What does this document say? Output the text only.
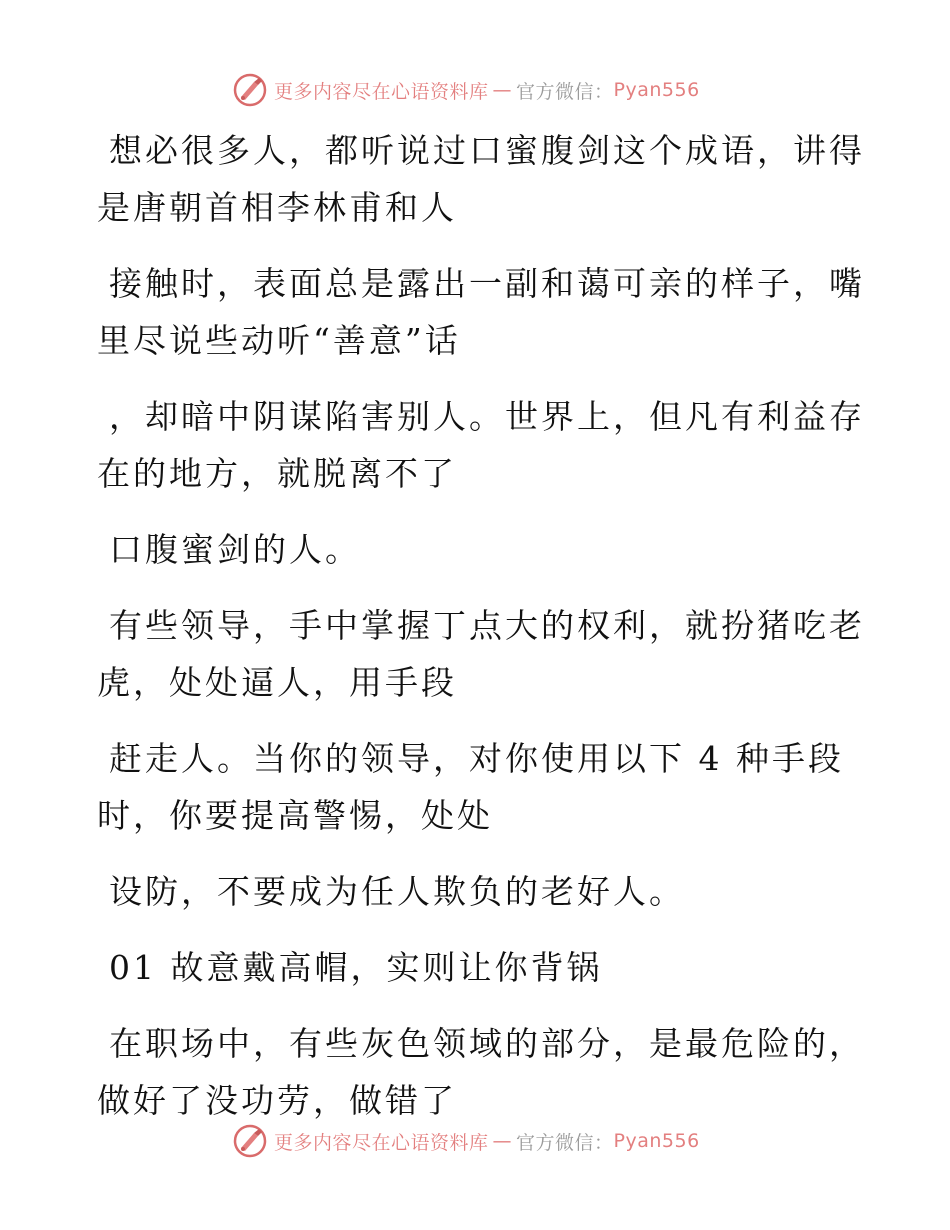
更多内容尽在心语资料库 — 官方微信： Pyan556

想必很多人，都听说过口蜜腹剑这个成语，讲得
是唐朝首相李林甫和人

接触时，表面总是露出一副和蔼可亲的样子，嘴
里尽说些动听“善意”话

，却暗中阴谋陷害别人。世界上，但凡有利益存
在的地方，就脱离不了

口腹蜜剑的人。

有些领导，手中掌握丁点大的权利，就扮猪吃老
虎，处处逼人，用手段

赶走人。当你的领导，对你使用以下 4 种手段
时，你要提高警惕，处处

设防，不要成为任人欺负的老好人。

01 故意戴高帽，实则让你背锅

在职场中，有些灰色领域的部分，是最危险的，
做好了没功劳，做错了

更多内容尽在心语资料库 — 官方微信： Pyan556
